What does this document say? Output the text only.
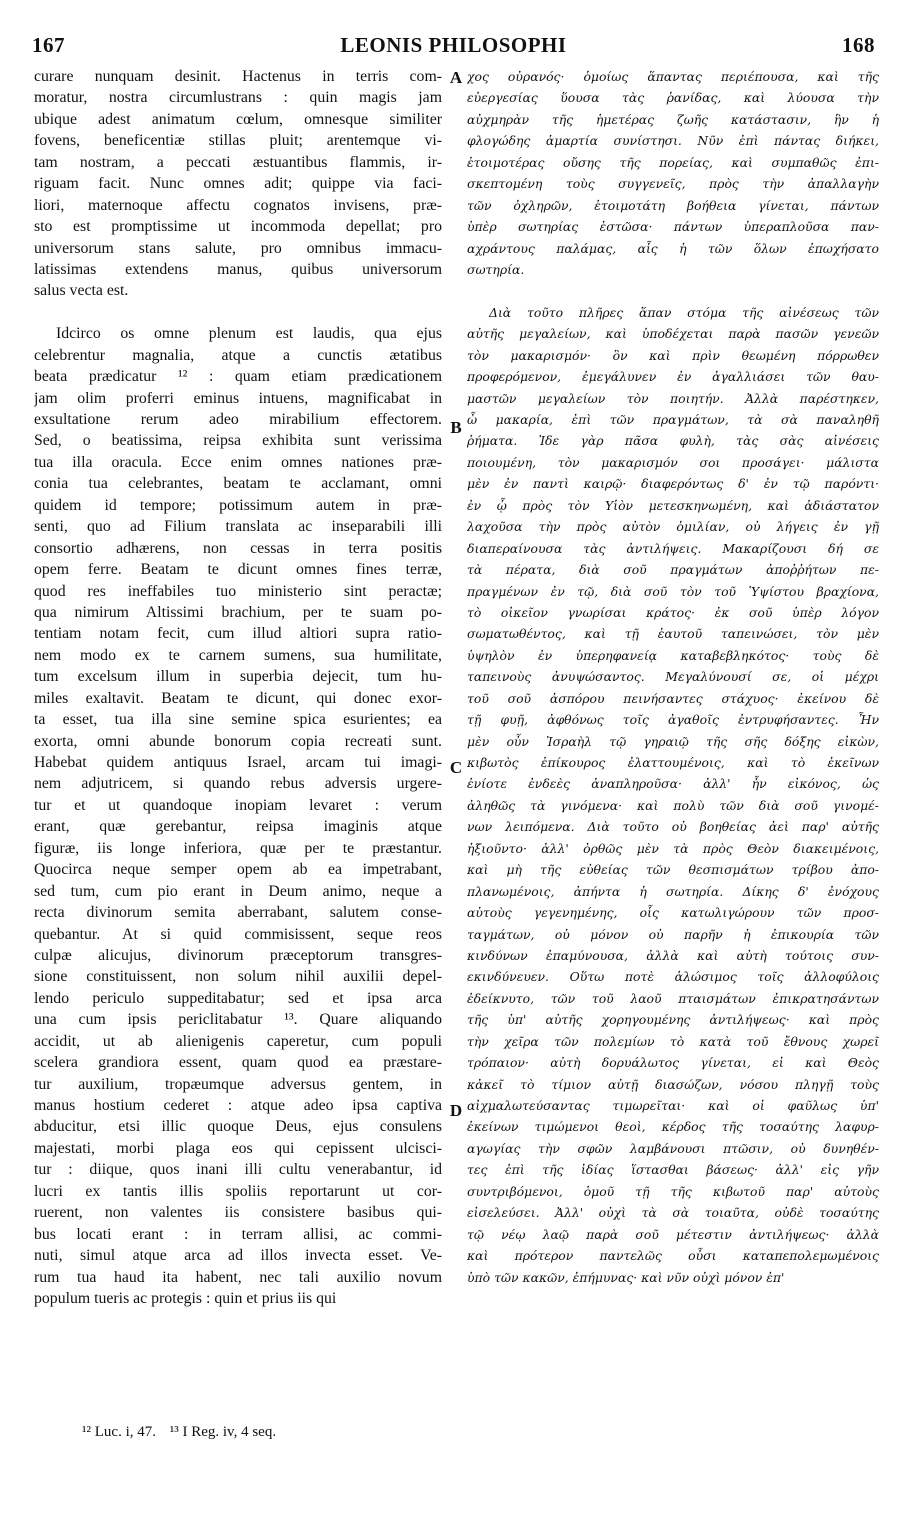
167	LEONIS PHILOSOPHI	168
curare nunquam desinit. Hactenus in terris com-
moratur, nostra circumlustrans : quin magis jam
ubique adest animatum cœlum, omnesque similiter
fovens, beneficentiæ stillas pluit; arentemque vi-
tam nostram, a peccati æstuantibus flammis, ir-
riguam facit. Nunc omnes adit; quippe via faci-
liori, maternoque affectu cognatos invisens, præ-
sto est promptissime ut incommoda depellat; pro
universorum stans salute, pro omnibus immacu-
latissimas extendens manus, quibus universorum
salus vecta est.
Idcirco os omne plenum est laudis, qua ejus
celebrentur magnalia, atque a cunctis ætatibus
beata prædicatur ¹² : quam etiam prædicationem
jam olim proferri eminus intuens, magnificabat in
exsultatione rerum adeo mirabilium effectorem.
Sed, o beatissima, reipsa exhibita sunt verissima
tua illa oracula. Ecce enim omnes nationes præ-
conia tua celebrantes, beatam te acclamant, omni
quidem id tempore; potissimum autem in præ-
senti, quo ad Filium translata ac inseparabili illi
consortio adhærens, non cessas in terra positis
opem ferre. Beatam te dicunt omnes fines terræ,
quod res ineffabiles tuo ministerio sint peractæ;
qua nimirum Altissimi brachium, per te suam po-
tentiam notam fecit, cum illud altiori supra ratio-
nem modo ex te carnem sumens, sua humilitate,
tum excelsum illum in superbia dejecit, tum hu-
miles exaltavit. Beatam te dicunt, qui donec exor-
ta esset, tua illa sine semine spica esurientes; ea
exorta, omni abunde bonorum copia recreati sunt.
Habebat quidem antiquus Israel, arcam tui imagi-
nem adjutricem, si quando rebus adversis urgere-
tur et ut quandoque inopiam levaret : verum
erant, quæ gerebantur, reipsa imaginis atque
figuræ, iis longe inferiora, quæ per te præstantur.
Quocirca neque semper opem ab ea impetrabant,
sed tum, cum pio erant in Deum animo, neque a
recta divinorum semita aberrabant, salutem conse-
quebantur. At si quid commisissent, seque reos
culpæ alicujus, divinorum præceptorum transgres-
sione constituissent, non solum nihil auxilii depel-
lendo periculo suppeditabatur; sed et ipsa arca
una cum ipsis periclitabatur ¹³. Quare aliquando
accidit, ut ab alienigenis caperetur, cum populi
scelera grandiora essent, quam quod ea præstare-
tur auxilium, tropæumque adversus gentem, in
manus hostium cederet : atque adeo ipsa captiva
abducitur, etsi illic quoque Deus, ejus consulens
majestati, morbi plaga eos qui cepissent ulcisci-
tur : diique, quos inani illi cultu venerabantur, id
lucri ex tantis illis spoliis reportarunt ut cor-
ruerent, non valentes iis consistere basibus qui-
bus locati erant : in terram allisi, ac commi-
nuti, simul atque arca ad illos invecta esset. Ve-
rum tua haud ita habent, nec tali auxilio novum
populum tueris ac protegis : quin et prius iis qui
A
B
C
D
χος οὐρανός· ὁμοίως ἅπαντας περιέπουσα, καὶ τῆς
εὐεργεσίας ὕουσα τὰς ῥανίδας, καὶ λύουσα τὴν
αὐχμηρὰν τῆς ἡμετέρας ζωῆς κατάστασιν, ἣν ἡ
φλογώδης ἁμαρτία συνίστησι. Νῦν ἐπὶ πάντας διήκει,
ἑτοιμοτέρας οὔσης τῆς πορείας, καὶ συμπαθῶς ἐπι-
σκεπτομένη τοὺς συγγενεῖς, πρὸς τὴν ἀπαλλαγὴν
τῶν ὀχληρῶν, ἑτοιμοτάτη βοήθεια γίνεται, πάντων
ὑπὲρ σωτηρίας ἑστῶσα· πάντων ὑπεραπλοῦσα παν-
αχράντους παλάμας, αἷς ἡ τῶν ὅλων ἐπωχήσατο
σωτηρία.
Διὰ τοῦτο πλῆρες ἅπαν στόμα τῆς αἰνέσεως τῶν
αὐτῆς μεγαλείων, καὶ ὑποδέχεται παρὰ πασῶν γενεῶν
τὸν μακαρισμόν· ὃν καὶ πρὶν θεωμένη πόρρωθεν
προφερόμενον, ἐμεγάλυνεν ἐν ἀγαλλιάσει τῶν θαυ-
μαστῶν μεγαλείων τὸν ποιητήν. Ἀλλὰ παρέστηκεν,
ὦ μακαρία, ἐπὶ τῶν πραγμάτων, τὰ σὰ παναληθῆ
ῥήματα. Ἰδε γὰρ πᾶσα φυλὴ, τὰς σὰς αἰνέσεις
ποιουμένη, τὸν μακαρισμόν σοι προσάγει· μάλιστα
μὲν ἐν παντὶ καιρῷ· διαφερόντως δ' ἐν τῷ παρόντι·
ἐν ᾧ πρὸς τὸν Υἱὸν μετεσκηνωμένη, καὶ ἀδιάστατον
λαχοῦσα τὴν πρὸς αὐτὸν ὁμιλίαν, οὐ λήγεις ἐν γῇ
διαπεραίνουσα τὰς ἀντιλήψεις. Μακαρίζουσι δή σε
τὰ πέρατα, διὰ σοῦ πραγμάτων ἀποῤῥήτων πε-
πραγμένων ἐν τῷ, διὰ σοῦ τὸν τοῦ Ὑψίστου βραχίονα,
τὸ οἰκεῖον γνωρίσαι κράτος· ἐκ σοῦ ὑπὲρ λόγον
σωματωθέντος, καὶ τῇ ἑαυτοῦ ταπεινώσει, τὸν μὲν
ὑψηλὸν ἐν ὑπερηφανείᾳ καταβεβληκότος· τοὺς δὲ
ταπεινοὺς ἀνυψώσαντος. Μεγαλύνουσί σε, οἱ μέχρι
τοῦ σοῦ ἀσπόρου πεινήσαντες στάχυος· ἐκείνου δὲ
τῇ φυῇ, ἀφθόνως τοῖς ἀγαθοῖς ἐντρυφήσαντες. Ἦν
μὲν οὖν Ἰσραὴλ τῷ γηραιῷ τῆς σῆς δόξης εἰκὼν,
κιβωτὸς ἐπίκουρος ἐλαττουμένοις, καὶ τὸ ἐκεῖνων
ἐνίοτε ἐνδεὲς ἀναπληροῦσα· ἀλλ' ἦν εἰκόνος, ὡς
ἀληθῶς τὰ γινόμενα· καὶ πολὺ τῶν διὰ σοῦ γινομέ-
νων λειπόμενα. Διὰ τοῦτο οὐ βοηθείας ἀεὶ παρ' αὐτῆς
ἠξιοῦντο· ἀλλ' ὀρθῶς μὲν τὰ πρὸς Θεὸν διακειμένοις,
καὶ μὴ τῆς εὐθείας τῶν θεσπισμάτων τρίβου ἀπο-
πλανωμένοις, ἀπήντα ἡ σωτηρία. Δίκης δ' ἐνόχους
αὐτοὺς γεγενημένης, οἷς κατωλιγώρουν τῶν προσ-
ταγμάτων, οὐ μόνον οὐ παρῆν ἡ ἐπικουρία τῶν
κινδύνων ἐπαμύνουσα, ἀλλὰ καὶ αὐτὴ τούτοις συν-
εκινδύνευεν. Οὕτω ποτὲ ἁλώσιμος τοῖς ἀλλοφύλοις
ἐδείκνυτο, τῶν τοῦ λαοῦ πταισμάτων ἐπικρατησάντων
τῆς ὑπ' αὐτῆς χορηγουμένης ἀντιλήψεως· καὶ πρὸς
τὴν χεῖρα τῶν πολεμίων τὸ κατὰ τοῦ ἔθνους χωρεῖ
τρόπαιον· αὐτὴ δορυάλωτος γίνεται, εἰ καὶ Θεὸς
κἀκεῖ τὸ τίμιον αὐτῇ διασώζων, νόσου πληγῇ τοὺς
αἰχμαλωτεύσαντας τιμωρεῖται· καὶ οἱ φαῦλως ὑπ'
ἐκείνων τιμώμενοι θεοὶ, κέρδος τῆς τοσαύτης λαφυρ-
αγωγίας τὴν σφῶν λαμβάνουσι πτῶσιν, οὐ δυνηθέν-
τες ἐπὶ τῆς ἰδίας ἵστασθαι βάσεως· ἀλλ' εἰς γῆν
συντριβόμενοι, ὁμοῦ τῇ τῆς κιβωτοῦ παρ' αὐτοὺς
εἰσελεύσει. Ἀλλ' οὐχὶ τὰ σὰ τοιαῦτα, οὐδὲ τοσαύτης
τῷ νέῳ λαῷ παρὰ σοῦ μέτεστιν ἀντιλήψεως· ἀλλὰ
καὶ πρότερον παντελῶς οὖσι καταπεπολεμωμένοις
ὑπὸ τῶν κακῶν, ἐπήμυνας· καὶ νῦν οὐχὶ μόνον ἐπ'
¹² Luc. i, 47. ¹³ I Reg. iv, 4 seq.
